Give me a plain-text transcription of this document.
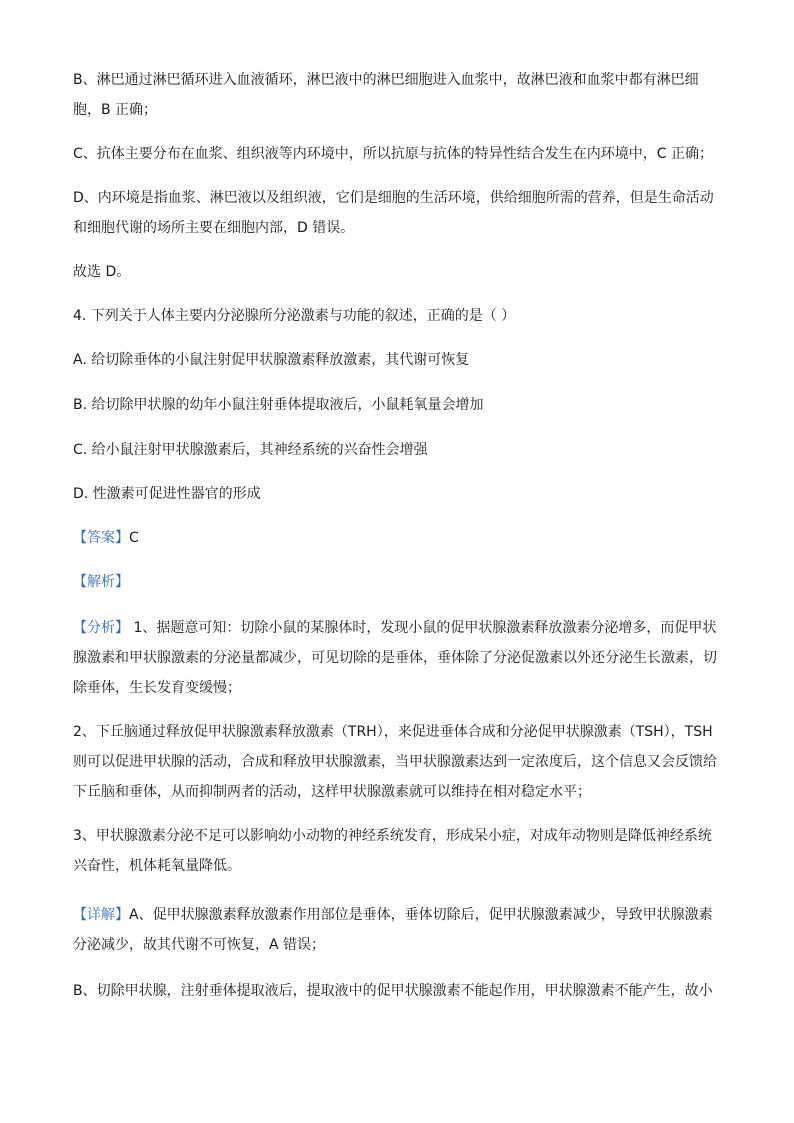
B、淋巴通过淋巴循环进入血液循环，淋巴液中的淋巴细胞进入血浆中，故淋巴液和血浆中都有淋巴细
胞，B 正确；
C、抗体主要分布在血浆、组织液等内环境中，所以抗原与抗体的特异性结合发生在内环境中，C 正确；
D、内环境是指血浆、淋巴液以及组织液，它们是细胞的生活环境，供给细胞所需的营养，但是生命活动
和细胞代谢的场所主要在细胞内部，D 错误。
故选 D。
4. 下列关于人体主要内分泌腺所分泌激素与功能的叙述，正确的是（ ）
A. 给切除垂体的小鼠注射促甲状腺激素释放激素，其代谢可恢复
B. 给切除甲状腺的幼年小鼠注射垂体提取液后，小鼠耗氧量会增加
C. 给小鼠注射甲状腺激素后，其神经系统的兴奋性会增强
D. 性激素可促进性器官的形成
【答案】C
【解析】
【分析】 1、据题意可知：切除小鼠的某腺体时，发现小鼠的促甲状腺激素释放激素分泌增多，而促甲状
腺激素和甲状腺激素的分泌量都减少，可见切除的是垂体，垂体除了分泌促激素以外还分泌生长激素，切
除垂体，生长发育变缓慢；
2、下丘脑通过释放促甲状腺激素释放激素（TRH），来促进垂体合成和分泌促甲状腺激素（TSH），TSH
则可以促进甲状腺的活动，合成和释放甲状腺激素，当甲状腺激素达到一定浓度后，这个信息又会反馈给
下丘脑和垂体，从而抑制两者的活动，这样甲状腺激素就可以维持在相对稳定水平；
3、甲状腺激素分泌不足可以影响幼小动物的神经系统发育，形成呆小症，对成年动物则是降低神经系统
兴奋性，机体耗氧量降低。
【详解】A、促甲状腺激素释放激素作用部位是垂体，垂体切除后，促甲状腺激素减少，导致甲状腺激素
分泌减少，故其代谢不可恢复，A 错误；
B、切除甲状腺，注射垂体提取液后，提取液中的促甲状腺激素不能起作用，甲状腺激素不能产生，故小
